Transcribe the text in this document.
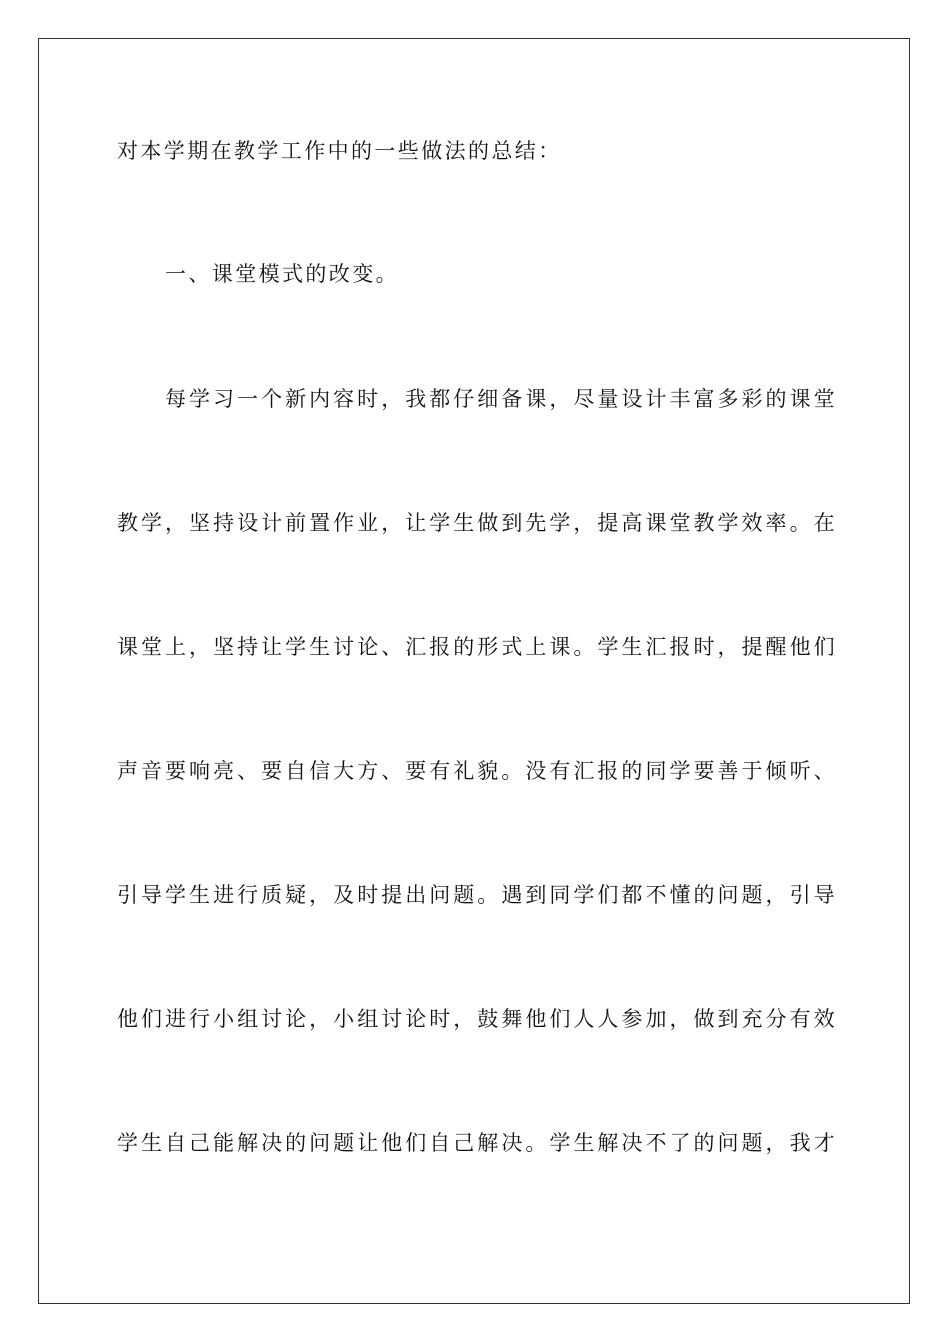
对本学期在教学工作中的一些做法的总结：
一、课堂模式的改变。
每学习一个新内容时，我都仔细备课，尽量设计丰富多彩的课堂
教学，坚持设计前置作业，让学生做到先学，提高课堂教学效率。在
课堂上，坚持让学生讨论、汇报的形式上课。学生汇报时，提醒他们
声音要响亮、要自信大方、要有礼貌。没有汇报的同学要善于倾听、
引导学生进行质疑，及时提出问题。遇到同学们都不懂的问题，引导
他们进行小组讨论，小组讨论时，鼓舞他们人人参加，做到充分有效
学生自己能解决的问题让他们自己解决。学生解决不了的问题，我才
